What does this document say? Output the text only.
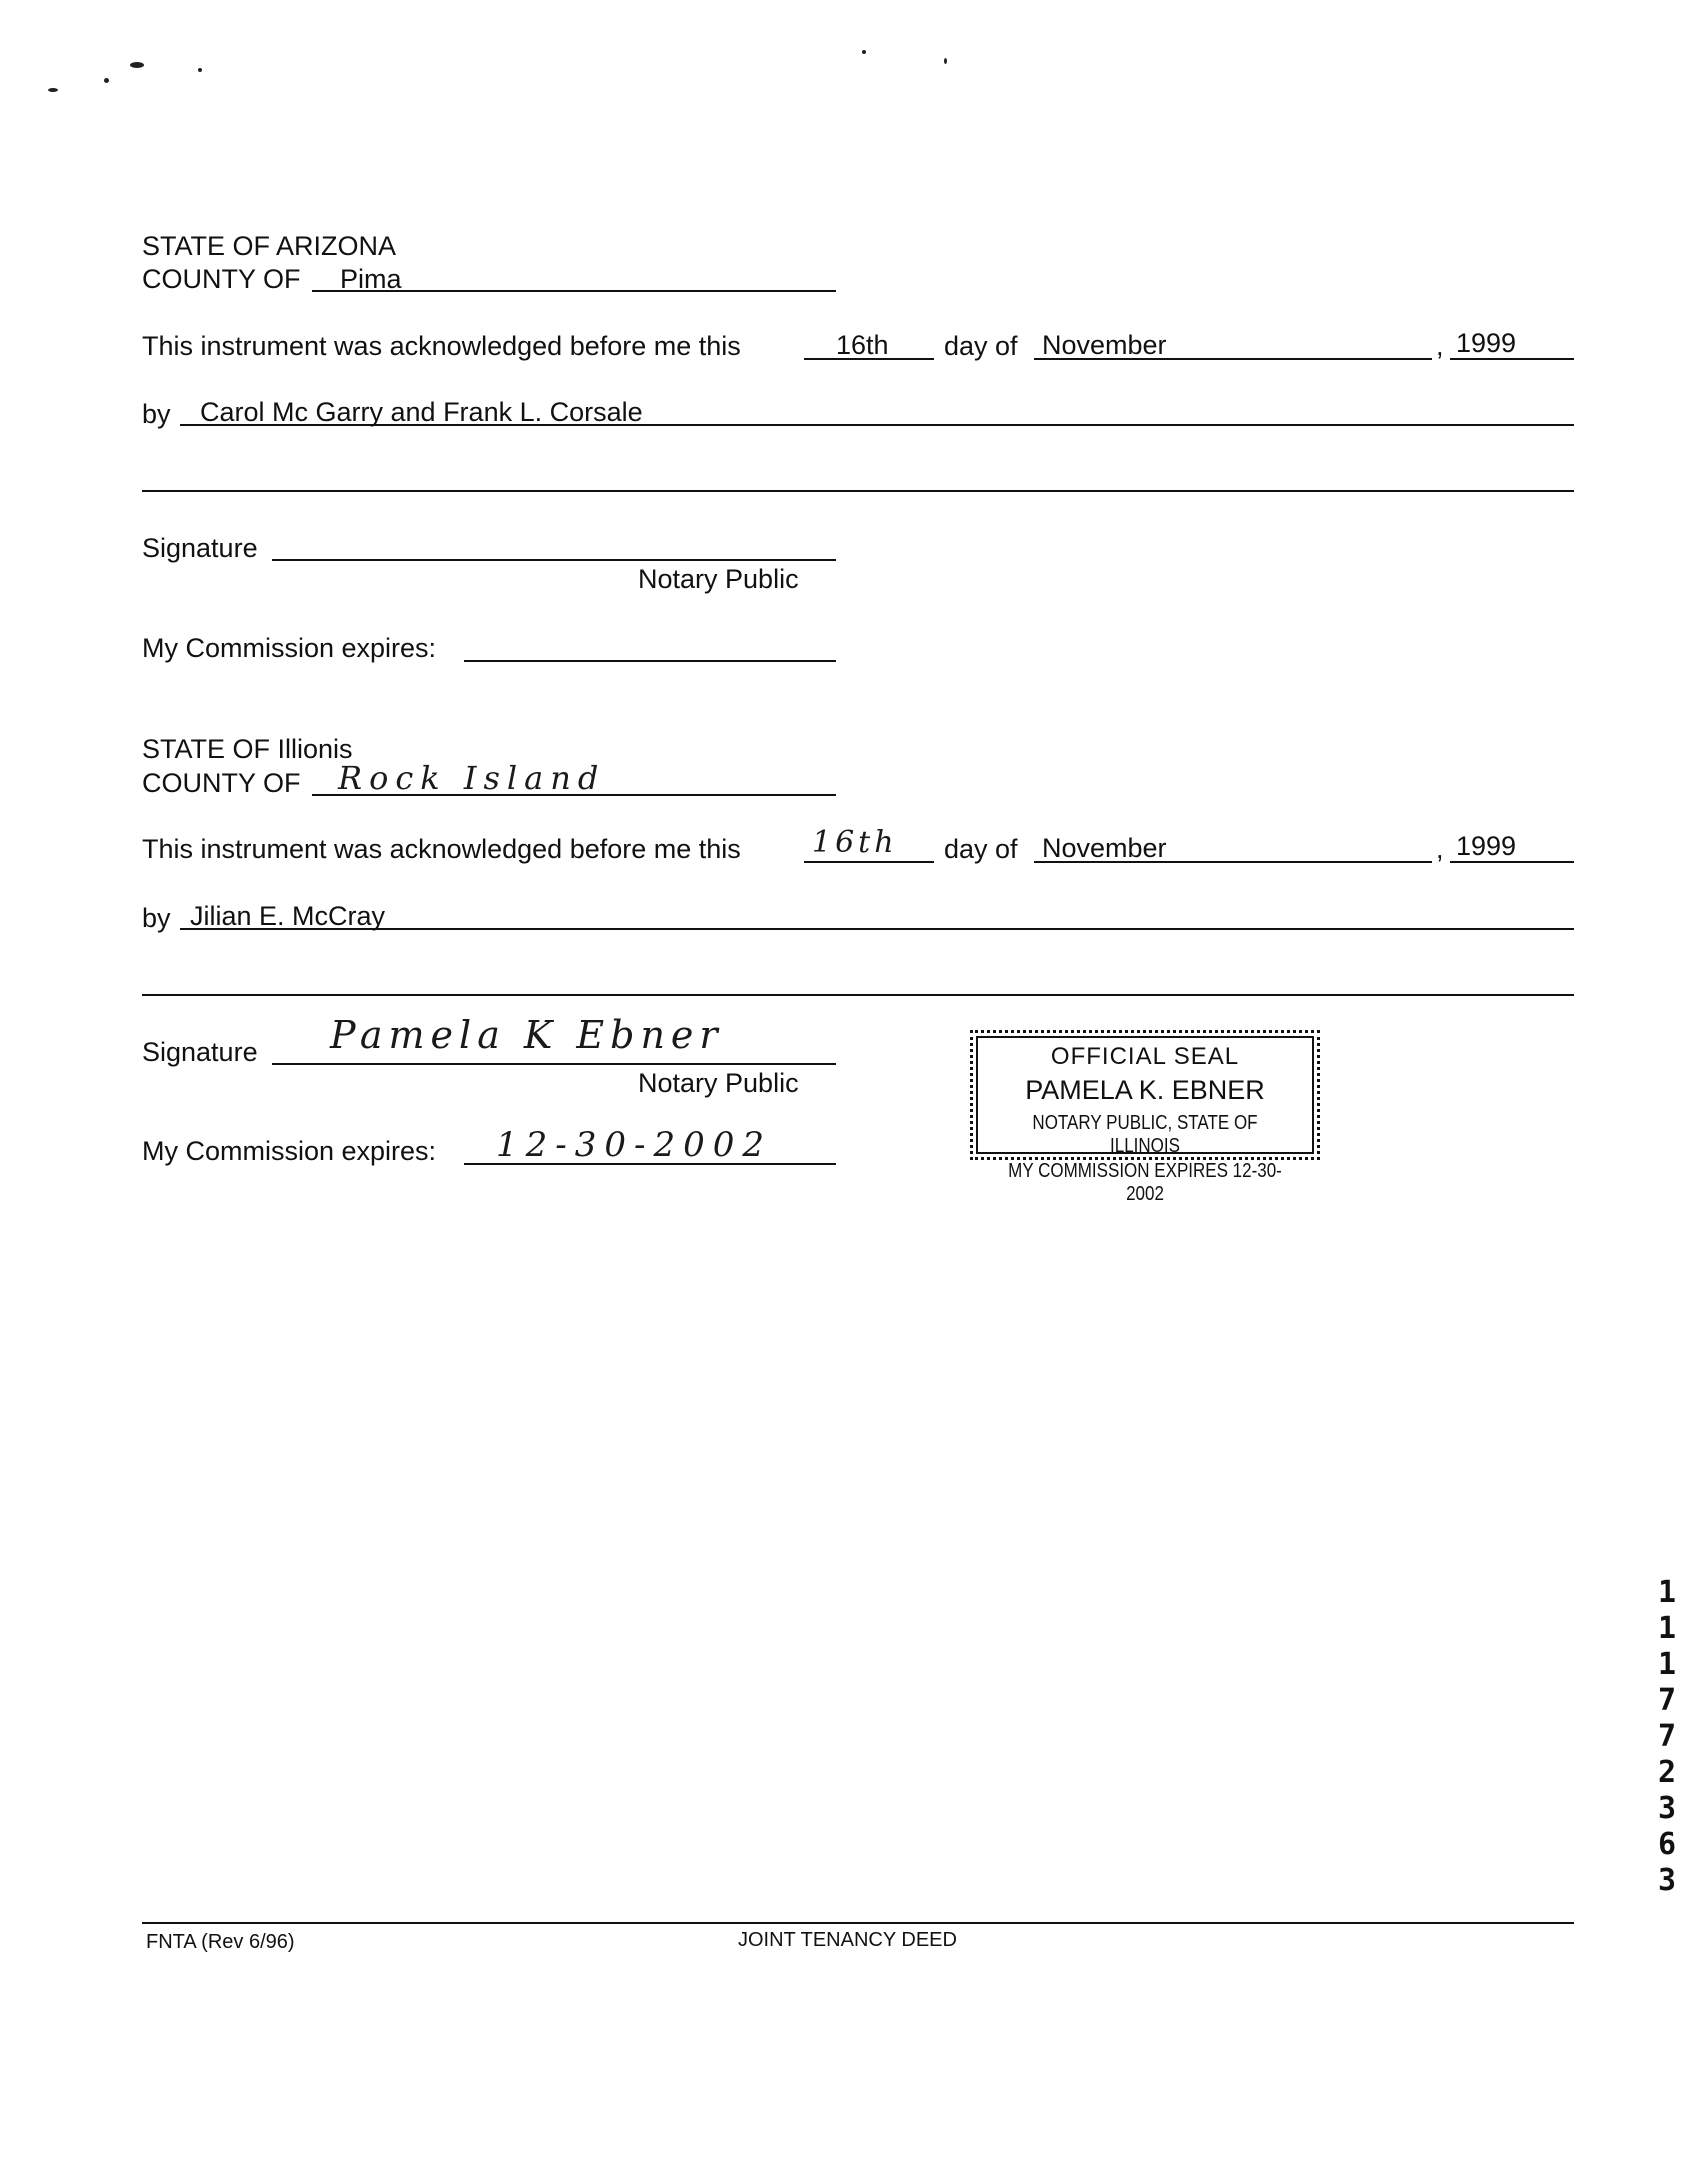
STATE OF ARIZONA
COUNTY OF Pima
This instrument was acknowledged before me this	16th day of November	, 1999
by Carol Mc Garry and Frank L. Corsale
Signature
Notary Public
My Commission expires:
STATE OF Illionis
COUNTY OF Rock Island
This instrument was acknowledged before me this 16th day of November	, 1999
by Jilian E. McCray
Signature Pamela K Ebner
Notary Public
My Commission expires: 12-30-2002
OFFICIAL SEAL
PAMELA K. EBNER
NOTARY PUBLIC, STATE OF ILLINOIS
MY COMMISSION EXPIRES 12-30-2002
111772363
FNTA (Rev 6/96)	JOINT TENANCY DEED
